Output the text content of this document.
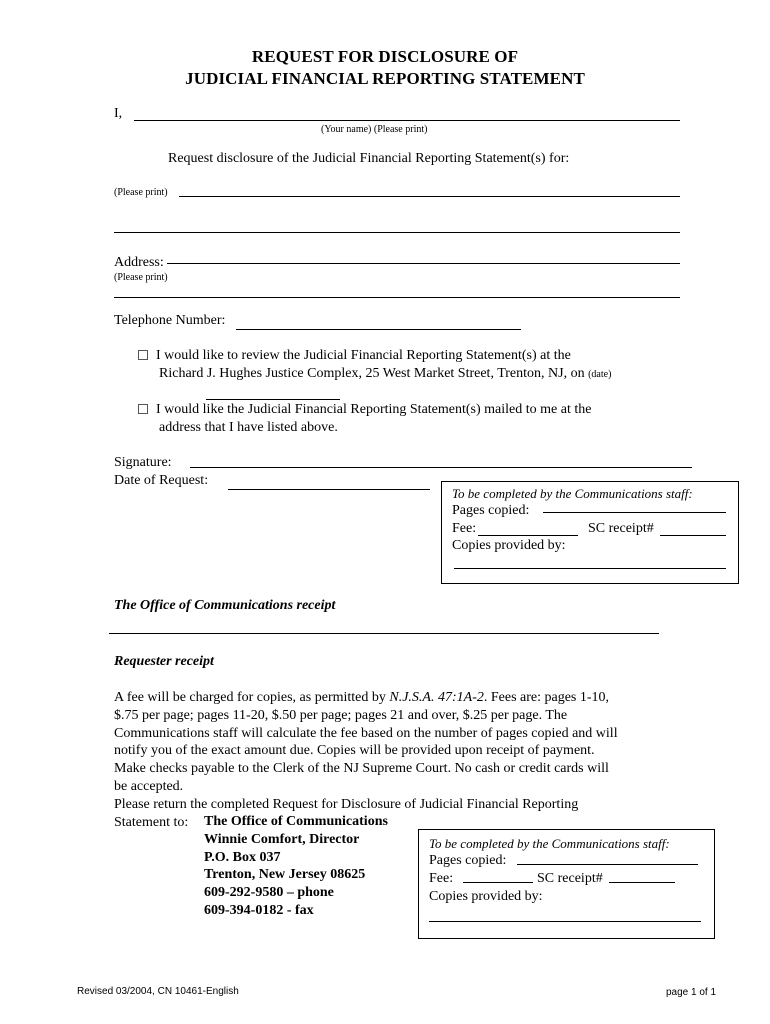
REQUEST FOR DISCLOSURE OF
JUDICIAL FINANCIAL REPORTING STATEMENT
I,
(Your name) (Please print)
Request disclosure of the Judicial Financial Reporting Statement(s) for:
(Please print)
Address:
(Please print)
Telephone Number:
I would like to review the Judicial Financial Reporting Statement(s) at the
Richard J. Hughes Justice Complex, 25 West Market Street, Trenton, NJ, on (date)
I would like the Judicial Financial Reporting Statement(s) mailed to me at the
address that I have listed above.
Signature:
Date of Request:
To be completed by the Communications staff:
Pages copied:
Fee:	SC receipt#
Copies provided by:
The Office of Communications receipt
Requester receipt
A fee will be charged for copies, as permitted by N.J.S.A. 47:1A-2. Fees are: pages 1-10,
$.75 per page; pages 11-20, $.50 per page; pages 21 and over, $.25 per page. The
Communications staff will calculate the fee based on the number of pages copied and will
notify you of the exact amount due. Copies will be provided upon receipt of payment.
Make checks payable to the Clerk of the NJ Supreme Court. No cash or credit cards will
be accepted.
Please return the completed Request for Disclosure of Judicial Financial Reporting
Statement to:	The Office of Communications
Winnie Comfort, Director
P.O. Box 037
Trenton, New Jersey 08625
609-292-9580 – phone
609-394-0182 - fax
To be completed by the Communications staff:
Pages copied:
Fee:	SC receipt#
Copies provided by:
Revised 03/2004, CN 10461-English	page 1 of 1
